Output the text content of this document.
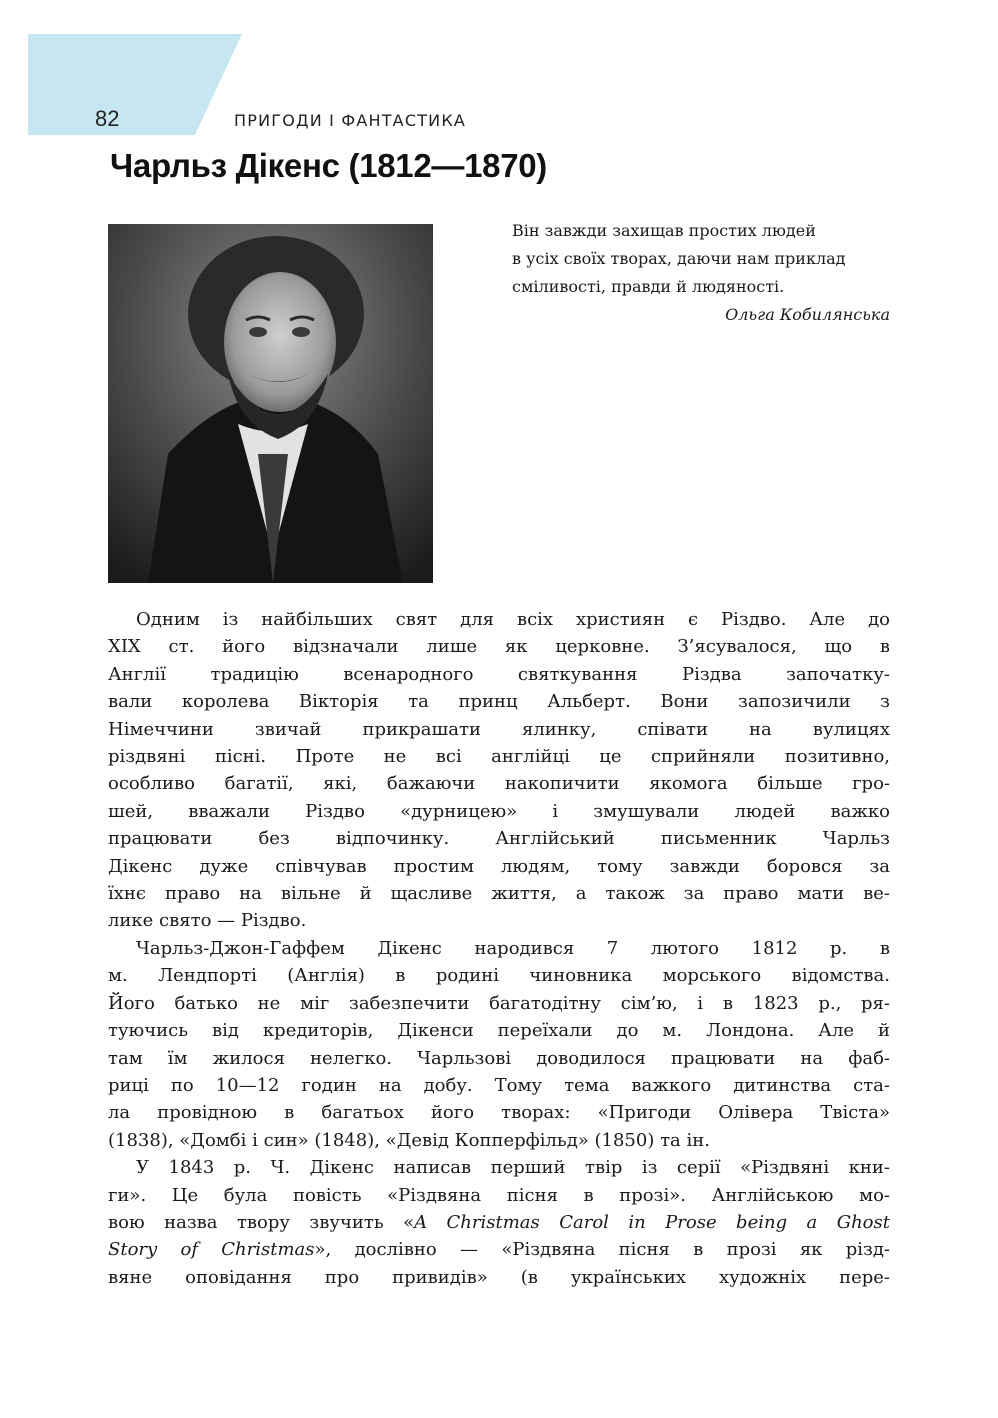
82	ПРИГОДИ І ФАНТАСТИКА
Чарльз Дікенс (1812—1870)
Він завжди захищав простих людей
в усіх своїх творах, даючи нам приклад
сміливості, правди й людяності.
Ольга Кобилянська

Одним із найбільших свят для всіх християн є Різдво. Але до
XIX ст. його відзначали лише як церковне. З’ясувалося, що в
Англії традицію всенародного святкування Різдва започатку-
вали королева Вікторія та принц Альберт. Вони запозичили з
Німеччини звичай прикрашати ялинку, співати на вулицях
різдвяні пісні. Проте не всі англійці це сприйняли позитивно,
особливо багатії, які, бажаючи накопичити якомога більше гро-
шей, вважали Різдво «дурницею» і змушували людей важко
працювати без відпочинку. Англійський письменник Чарльз
Дікенс дуже співчував простим людям, тому завжди боровся за
їхнє право на вільне й щасливе життя, а також за право мати ве-
лике свято — Різдво.

Чарльз-Джон-Гаффем Дікенс народився 7 лютого 1812 р. в
м. Лендпорті (Англія) в родині чиновника морського відомства.
Його батько не міг забезпечити багатодітну сім’ю, і в 1823 р., ря-
туючись від кредиторів, Дікенси переїхали до м. Лондона. Але й
там їм жилося нелегко. Чарльзові доводилося працювати на фаб-
риці по 10—12 годин на добу. Тому тема важкого дитинства ста-
ла провідною в багатьох його творах: «Пригоди Олівера Твіста»
(1838), «Домбі і син» (1848), «Девід Копперфільд» (1850) та ін.

У 1843 р. Ч. Дікенс написав перший твір із серії «Різдвяні кни-
ги». Це була повість «Різдвяна пісня в прозі». Англійською мо-
вою назва твору звучить «A Christmas Carol in Prose being a Ghost
Story of Christmas», дослівно — «Різдвяна пісня в прозі як різд-
вяне оповідання про привидів» (в українських художніх пере-
